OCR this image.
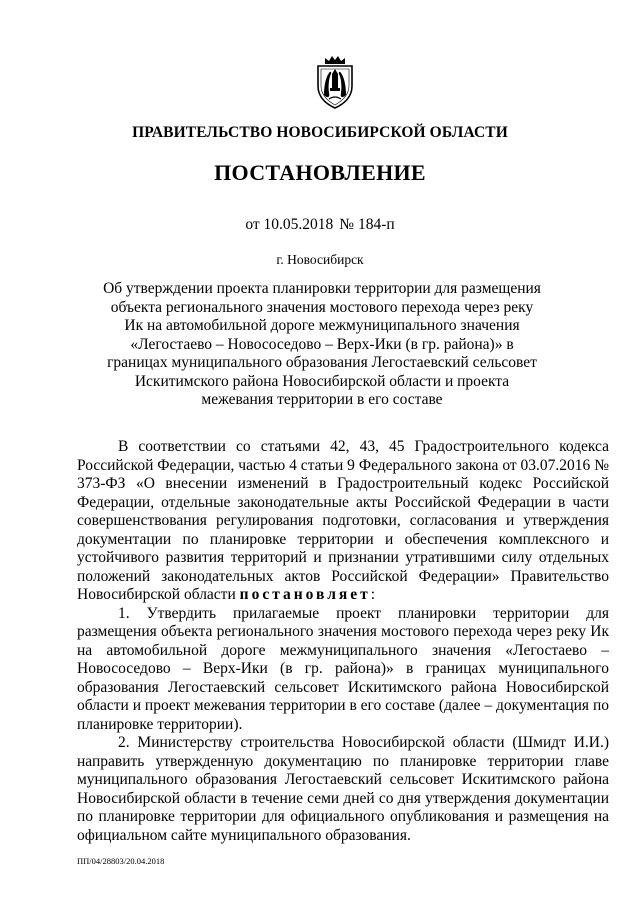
ПРАВИТЕЛЬСТВО НОВОСИБИРСКОЙ ОБЛАСТИ
ПОСТАНОВЛЕНИЕ
от 10.05.2018 № 184-п
г. Новосибирск
Об утверждении проекта планировки территории для размещения объекта регионального значения мостового перехода через реку Ик на автомобильной дороге межмуниципального значения «Легостаево – Новососедово – Верх-Ики (в гр. района)» в границах муниципального образования Легостаевский сельсовет Искитимского района Новосибирской области и проекта межевания территории в его составе

В соответствии со статьями 42, 43, 45 Градостроительного кодекса Российской Федерации, частью 4 статьи 9 Федерального закона от 03.07.2016 № 373-ФЗ «О внесении изменений в Градостроительный кодекс Российской Федерации, отдельные законодательные акты Российской Федерации в части совершенствования регулирования подготовки, согласования и утверждения документации по планировке территории и обеспечения комплексного и устойчивого развития территорий и признании утратившими силу отдельных положений законодательных актов Российской Федерации» Правительство Новосибирской области постановляет:

1. Утвердить прилагаемые проект планировки территории для размещения объекта регионального значения мостового перехода через реку Ик на автомобильной дороге межмуниципального значения «Легостаево – Новососедово – Верх-Ики (в гр. района)» в границах муниципального образования Легостаевский сельсовет Искитимского района Новосибирской области и проект межевания территории в его составе (далее – документация по планировке территории).

2. Министерству строительства Новосибирской области (Шмидт И.И.) направить утвержденную документацию по планировке территории главе муниципального образования Легостаевский сельсовет Искитимского района Новосибирской области в течение семи дней со дня утверждения документации по планировке территории для официального опубликования и размещения на официальном сайте муниципального образования.

ПП/04/28803/20.04.2018
